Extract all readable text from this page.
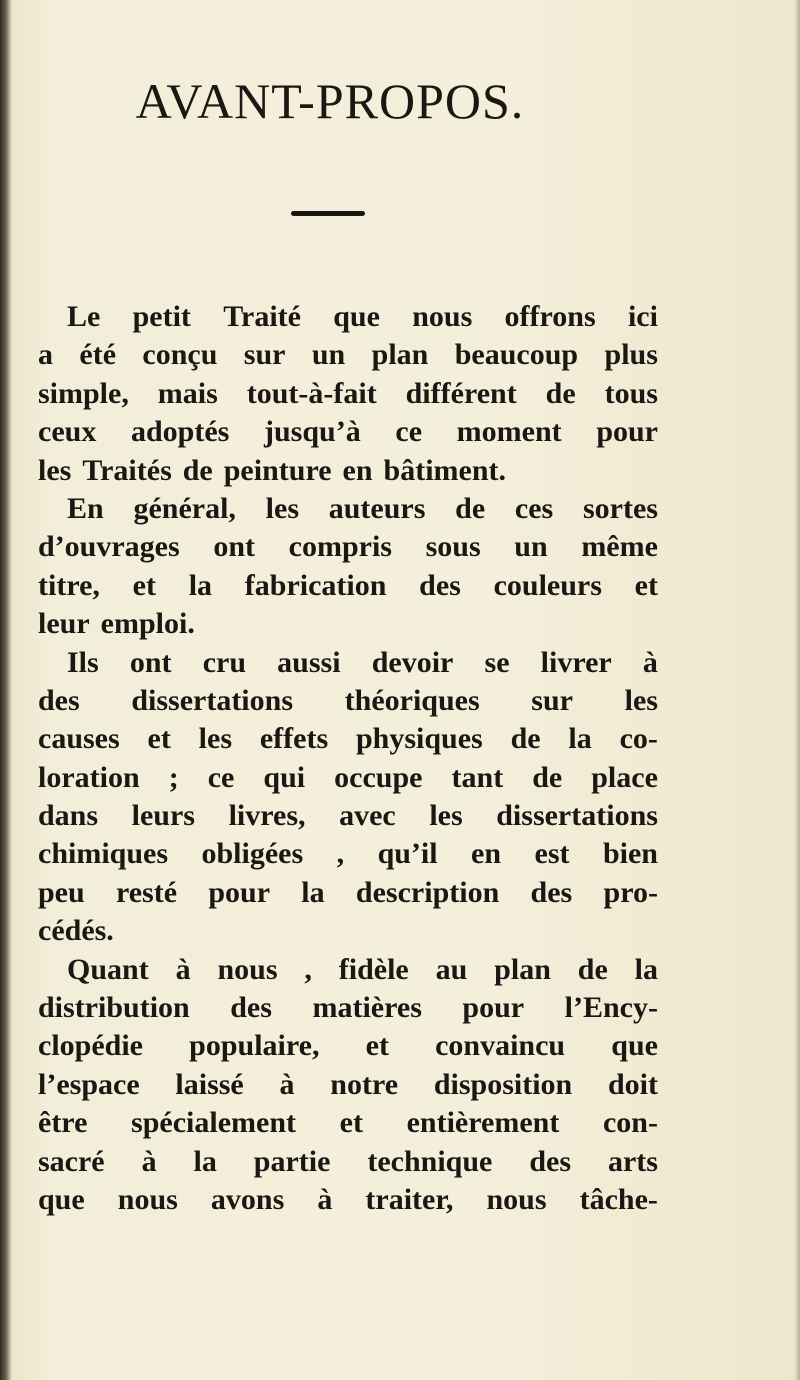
AVANT-PROPOS.
Le petit Traité que nous offrons ici
a été conçu sur un plan beaucoup plus
simple, mais tout-à-fait différent de tous
ceux adoptés jusqu’à ce moment pour
les Traités de peinture en bâtiment.
En général, les auteurs de ces sortes
d’ouvrages ont compris sous un même
titre, et la fabrication des couleurs et
leur emploi.
Ils ont cru aussi devoir se livrer à
des dissertations théoriques sur les
causes et les effets physiques de la co-
loration ; ce qui occupe tant de place
dans leurs livres, avec les dissertations
chimiques obligées , qu’il en est bien
peu resté pour la description des pro-
cédés.
Quant à nous , fidèle au plan de la
distribution des matières pour l’Ency-
clopédie populaire, et convaincu que
l’espace laissé à notre disposition doit
être spécialement et entièrement con-
sacré à la partie technique des arts
que nous avons à traiter, nous tâche-
